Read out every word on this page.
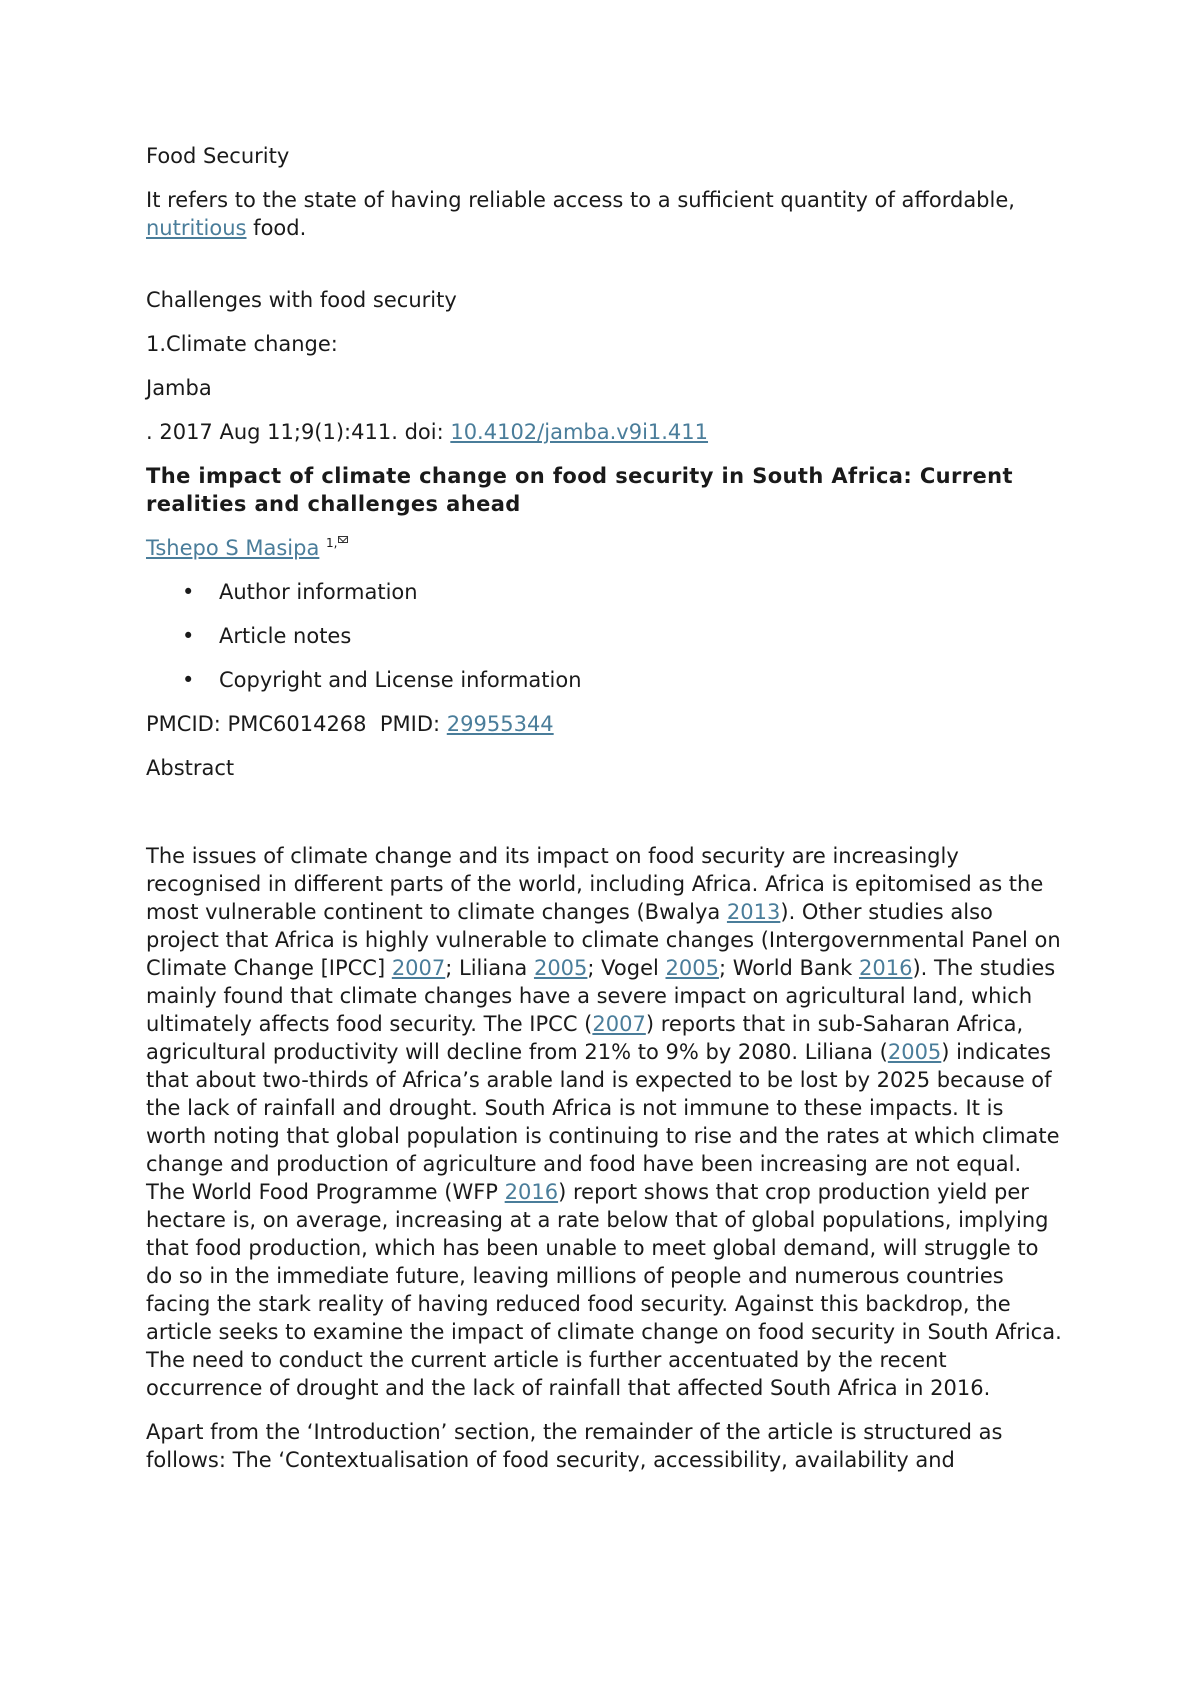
Food Security

It refers to the state of having reliable access to a sufficient quantity of affordable, nutritious food.

Challenges with food security

1.Climate change:

Jamba

. 2017 Aug 11;9(1):411. doi: 10.4102/jamba.v9i1.411

The impact of climate change on food security in South Africa: Current realities and challenges ahead

Tshepo S Masipa $^{1,}$

• Author information
• Article notes
• Copyright and License information

PMCID: PMC6014268  PMID: 29955344

Abstract

The issues of climate change and its impact on food security are increasingly recognised in different parts of the world, including Africa. Africa is epitomised as the most vulnerable continent to climate changes (Bwalya 2013). Other studies also project that Africa is highly vulnerable to climate changes (Intergovernmental Panel on Climate Change [IPCC] 2007; Liliana 2005; Vogel 2005; World Bank 2016). The studies mainly found that climate changes have a severe impact on agricultural land, which ultimately affects food security. The IPCC (2007) reports that in sub-Saharan Africa, agricultural productivity will decline from 21% to 9% by 2080. Liliana (2005) indicates that about two-thirds of Africa’s arable land is expected to be lost by 2025 because of the lack of rainfall and drought. South Africa is not immune to these impacts. It is worth noting that global population is continuing to rise and the rates at which climate change and production of agriculture and food have been increasing are not equal. The World Food Programme (WFP 2016) report shows that crop production yield per hectare is, on average, increasing at a rate below that of global populations, implying that food production, which has been unable to meet global demand, will struggle to do so in the immediate future, leaving millions of people and numerous countries facing the stark reality of having reduced food security. Against this backdrop, the article seeks to examine the impact of climate change on food security in South Africa. The need to conduct the current article is further accentuated by the recent occurrence of drought and the lack of rainfall that affected South Africa in 2016.

Apart from the ‘Introduction’ section, the remainder of the article is structured as follows: The ‘Contextualisation of food security, accessibility, availability and
